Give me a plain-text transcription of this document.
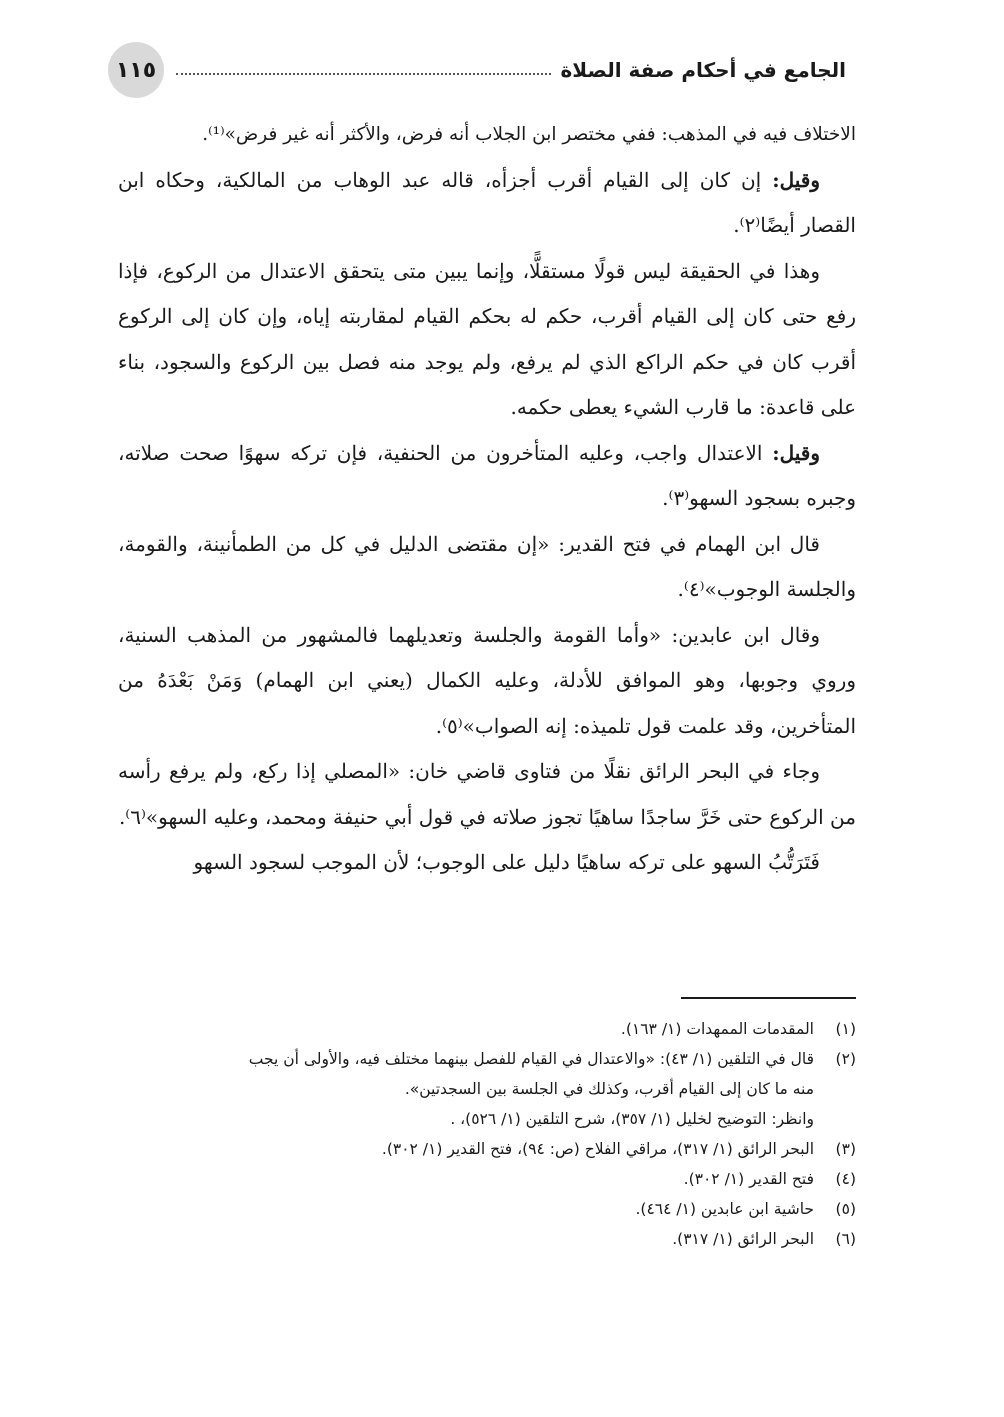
الجامع في أحكام صفة الصلاة
١١٥

الاختلاف فيه في المذهب: ففي مختصر ابن الجلاب أنه فرض، والأكثر أنه غير فرض»⁽¹⁾.

وقيل: إن كان إلى القيام أقرب أجزأه، قاله عبد الوهاب من المالكية، وحكاه ابن القصار أيضًا⁽٢⁾.

وهذا في الحقيقة ليس قولًا مستقلًّا، وإنما يبين متى يتحقق الاعتدال من الركوع، فإذا رفع حتى كان إلى القيام أقرب، حكم له بحكم القيام لمقاربته إياه، وإن كان إلى الركوع أقرب كان في حكم الراكع الذي لم يرفع، ولم يوجد منه فصل بين الركوع والسجود، بناء على قاعدة: ما قارب الشيء يعطى حكمه.

وقيل: الاعتدال واجب، وعليه المتأخرون من الحنفية، فإن تركه سهوًا صحت صلاته، وجبره بسجود السهو⁽٣⁾.

قال ابن الهمام في فتح القدير: «إن مقتضى الدليل في كل من الطمأنينة، والقومة، والجلسة الوجوب»⁽٤⁾.

وقال ابن عابدين: «وأما القومة والجلسة وتعديلهما فالمشهور من المذهب السنية، وروي وجوبها، وهو الموافق للأدلة، وعليه الكمال (يعني ابن الهمام) وَمَنْ بَعْدَهُ من المتأخرين، وقد علمت قول تلميذه: إنه الصواب»⁽٥⁾.

وجاء في البحر الرائق نقلًا من فتاوى قاضي خان: «المصلي إذا ركع، ولم يرفع رأسه من الركوع حتى خَرَّ ساجدًا ساهيًا تجوز صلاته في قول أبي حنيفة ومحمد، وعليه السهو»⁽٦⁾.

فَتَرَتُّبُ السهو على تركه ساهيًا دليل على الوجوب؛ لأن الموجب لسجود السهو

(١)
المقدمات الممهدات (١/ ١٦٣).
(٢)
قال في التلقين (١/ ٤٣): «والاعتدال في القيام للفصل بينهما مختلف فيه، والأولى أن يجب
منه ما كان إلى القيام أقرب، وكذلك في الجلسة بين السجدتين».
وانظر: التوضيح لخليل (١/ ٣٥٧)، شرح التلقين (١/ ٥٢٦)، .
(٣)
البحر الرائق (١/ ٣١٧)، مراقي الفلاح (ص: ٩٤)، فتح القدير (١/ ٣٠٢).
(٤)
فتح القدير (١/ ٣٠٢).
(٥)
حاشية ابن عابدين (١/ ٤٦٤).
(٦)
البحر الرائق (١/ ٣١٧).
